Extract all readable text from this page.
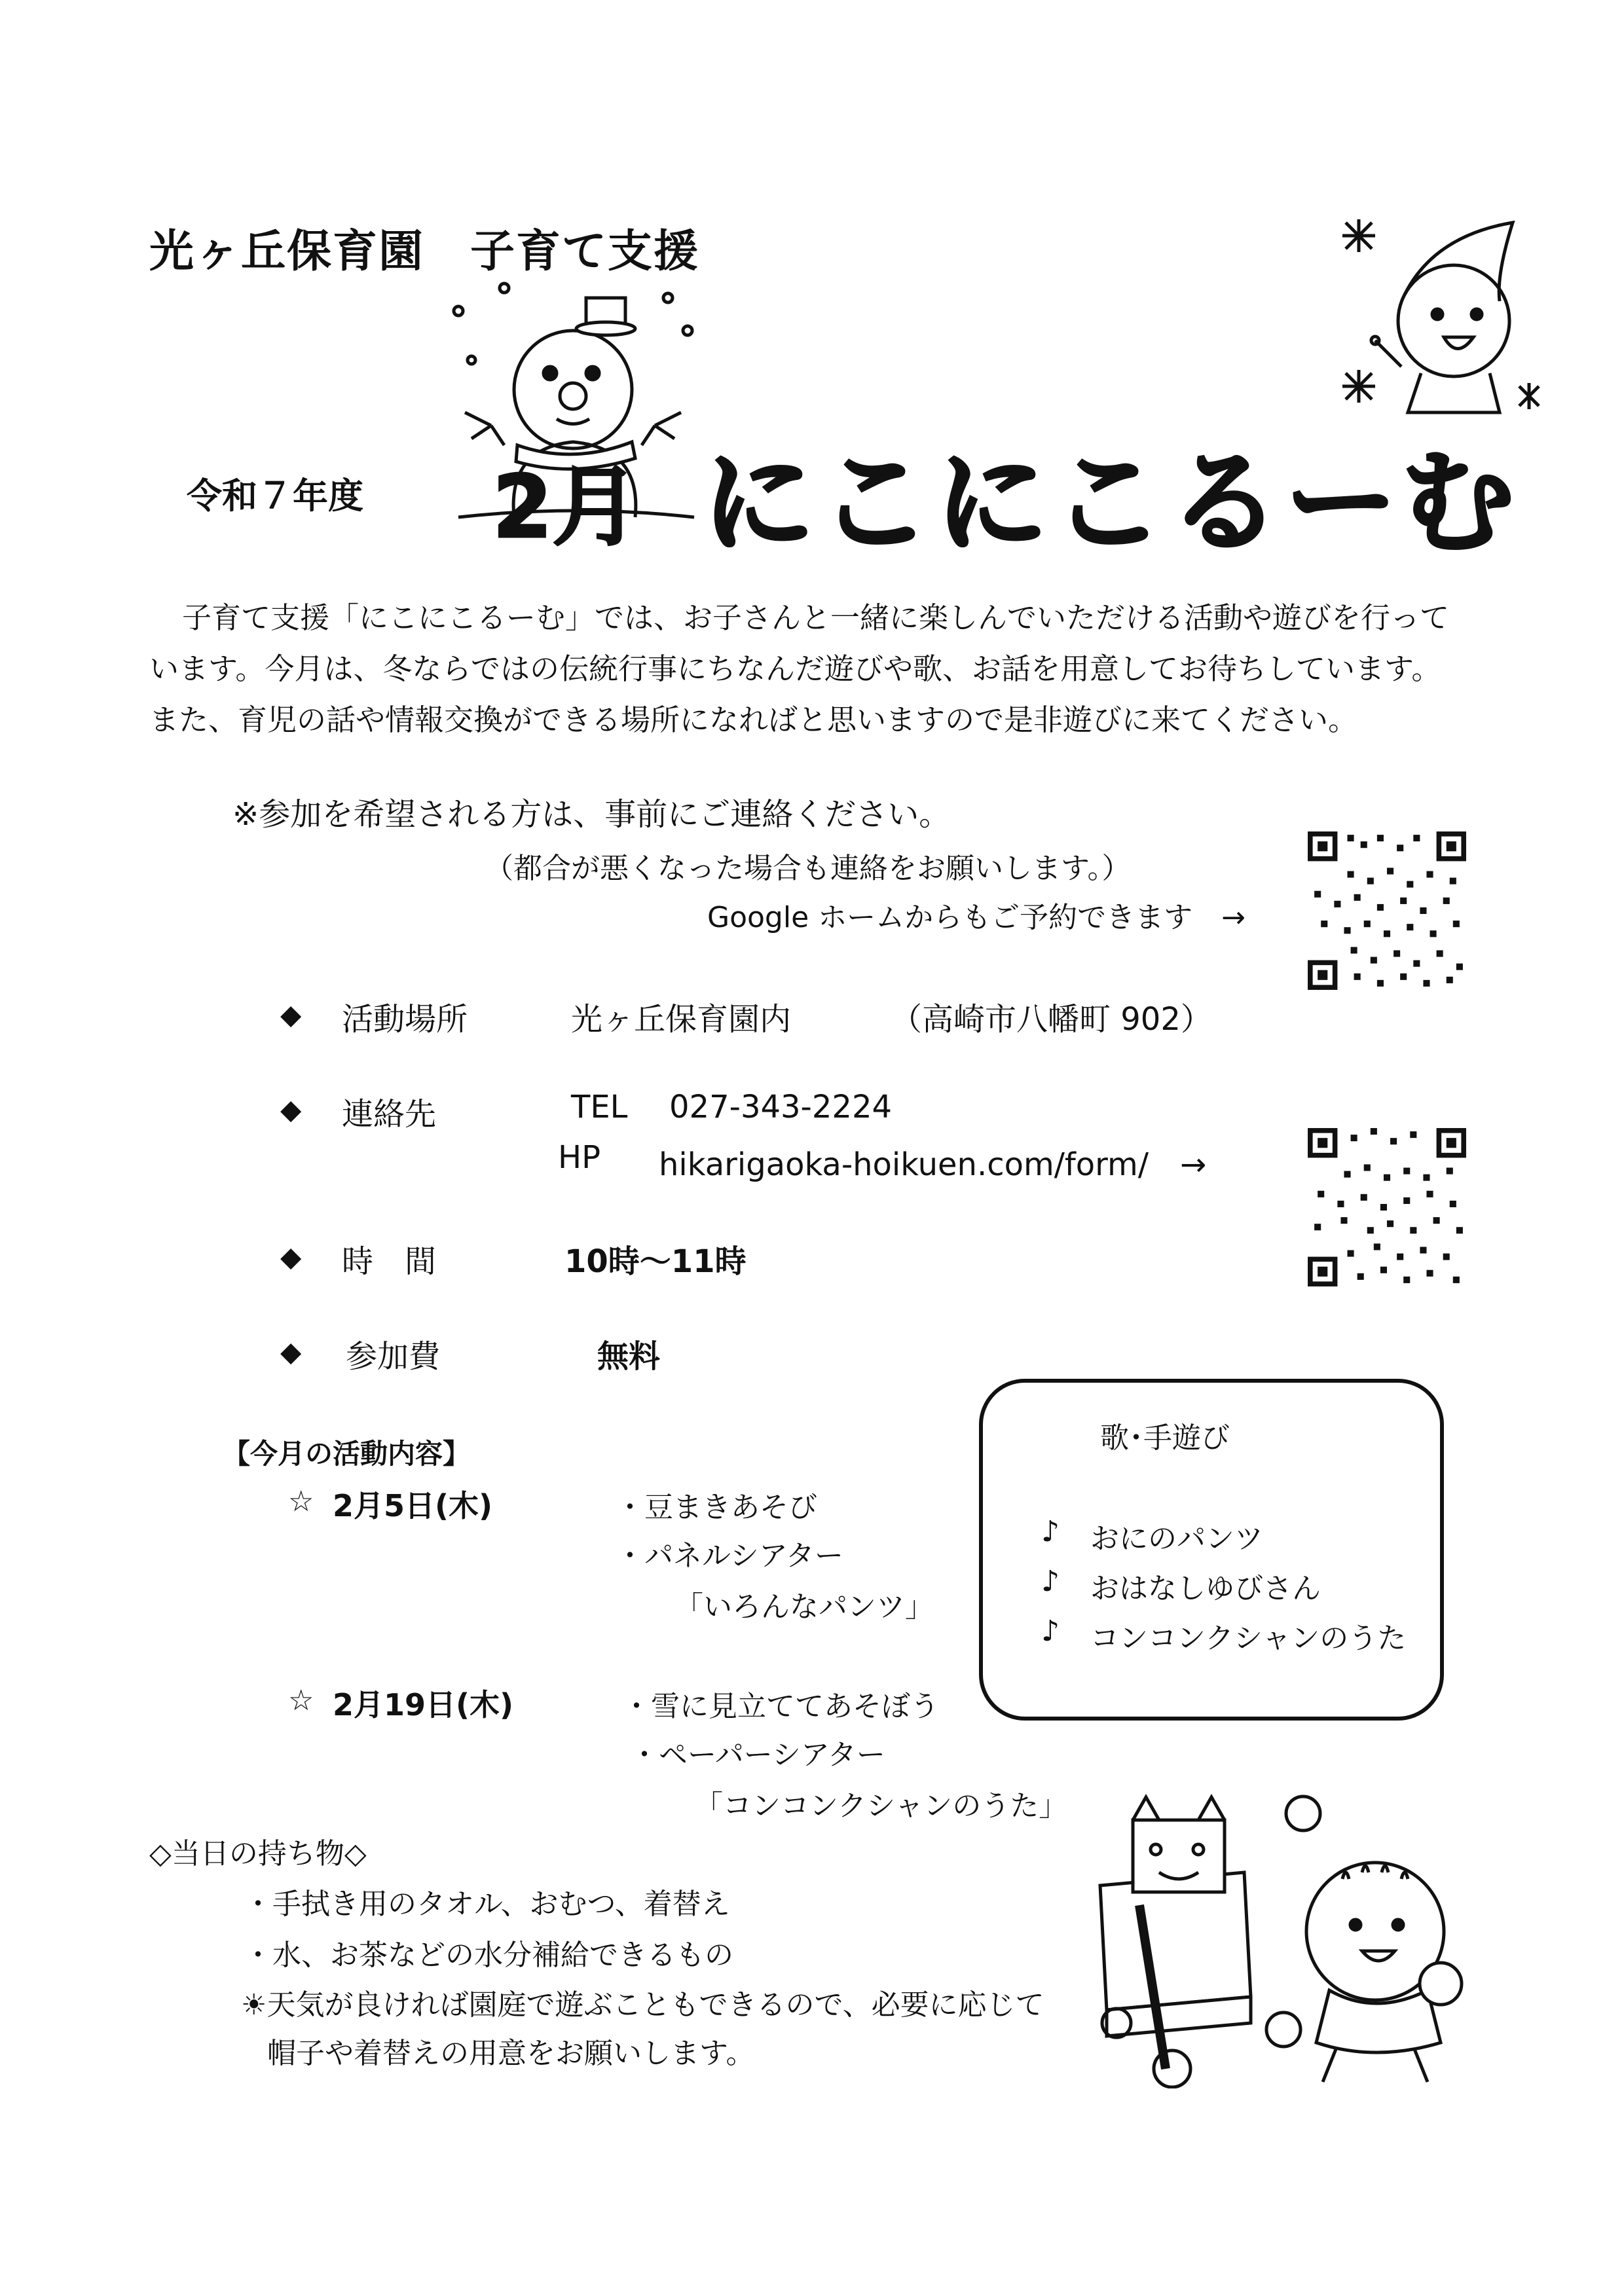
光ヶ丘保育園　子育て支援
令和７年度 2月 にこにこるーむ
子育て支援「にこにこるーむ」では、お子さんと一緒に楽しんでいただける活動や遊びを行って
います。今月は、冬ならではの伝統行事にちなんだ遊びや歌、お話を用意してお待ちしています。
また、育児の話や情報交換ができる場所になればと思いますので是非遊びに来てください。
※参加を希望される方は、事前にご連絡ください。
（都合が悪くなった場合も連絡をお願いします。）
Google ホームからもご予約できます　→
◆ 活動場所	光ヶ丘保育園内	（高崎市八幡町 902）
◆ 連絡先	TEL 027-343-2224
HP hikarigaoka-hoikuen.com/form/　→
◆ 時　間	10時〜11時
◆ 参加費	無料
【今月の活動内容】
☆ 2月5日(木)	・豆まきあそび
・パネルシアター
「いろんなパンツ」
☆ 2月19日(木)	・雪に見立ててあそぼう
・ペーパーシアター
「コンコンクシャンのうた」
歌･手遊び
♪ おにのパンツ
♪ おはなしゆびさん
♪ コンコンクシャンのうた
◇当日の持ち物◇
・手拭き用のタオル、おむつ、着替え
・水、お茶などの水分補給できるもの
☀天気が良ければ園庭で遊ぶこともできるので、必要に応じて
帽子や着替えの用意をお願いします。
